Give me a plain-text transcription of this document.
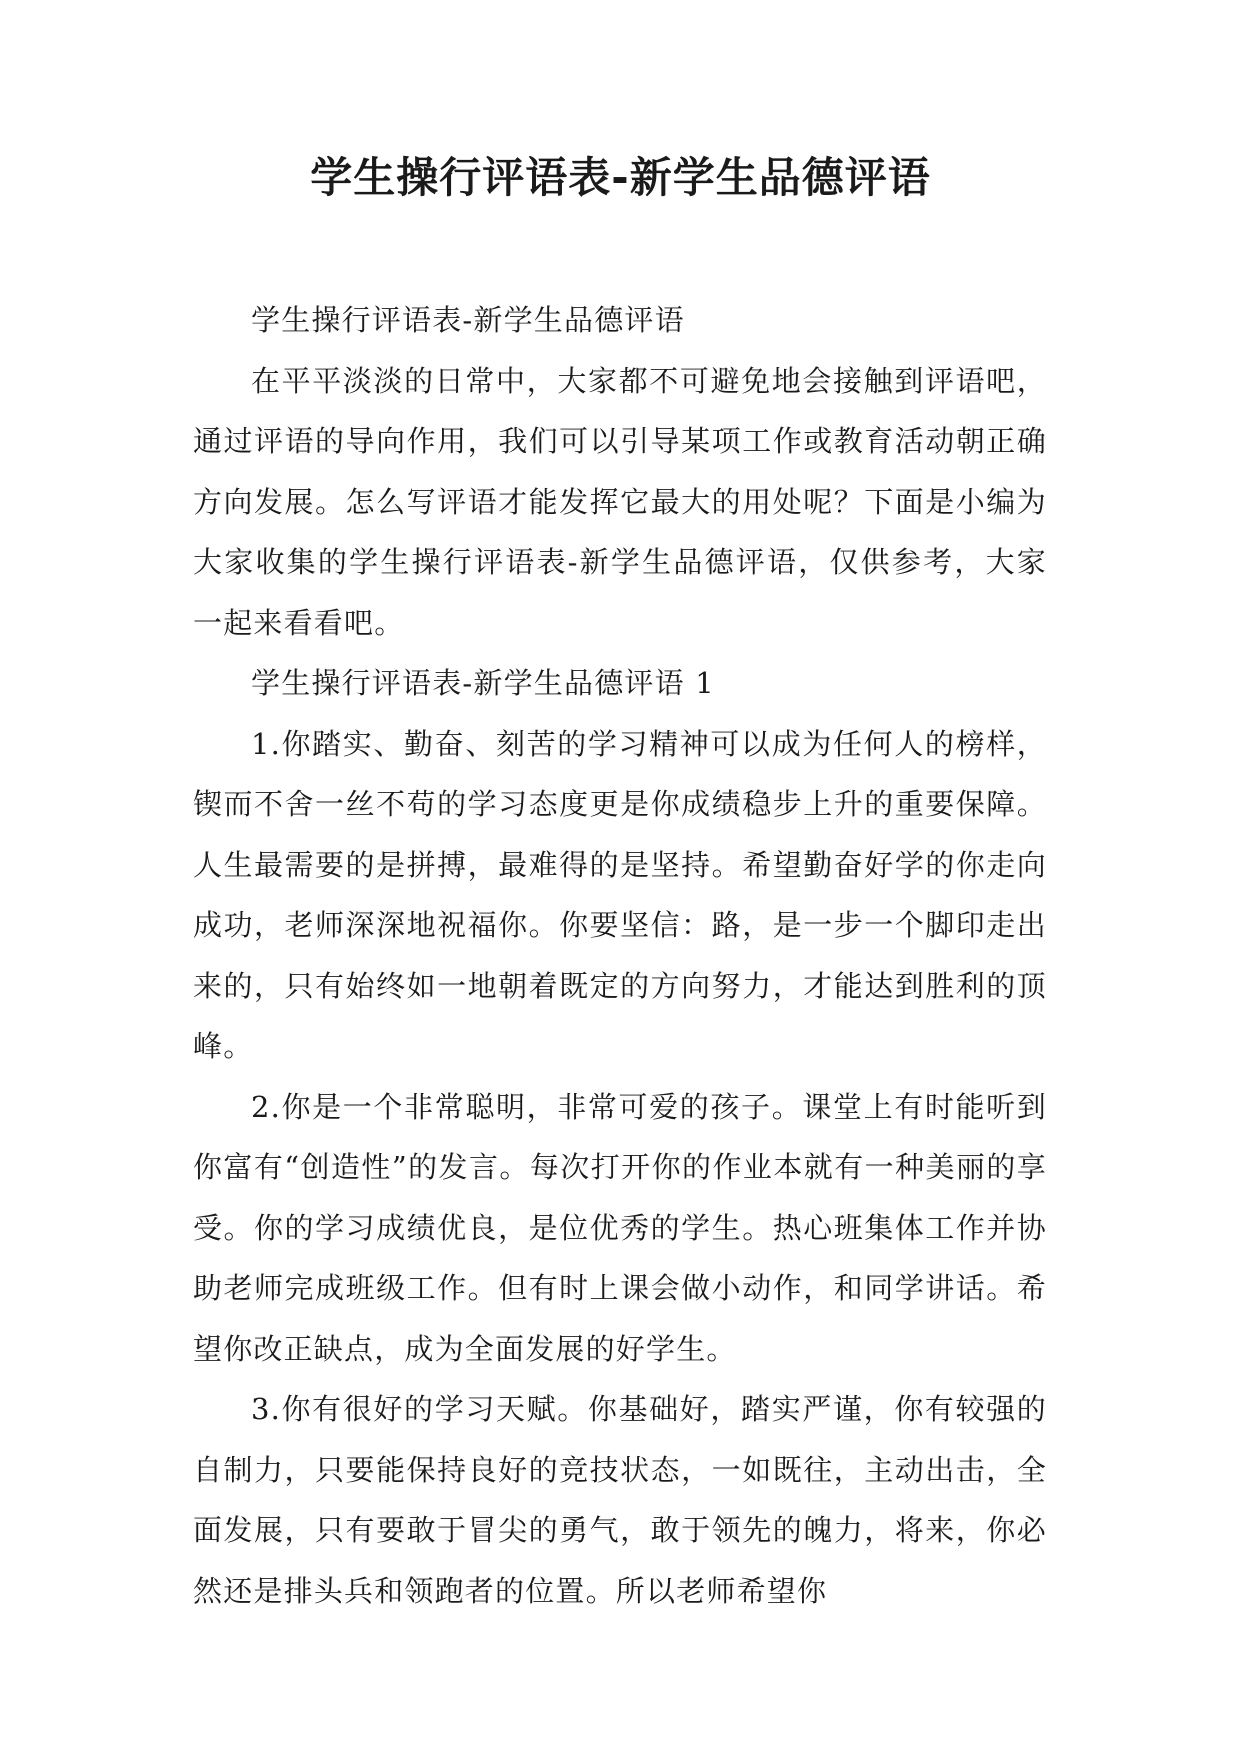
学生操行评语表-新学生品德评语

学生操行评语表-新学生品德评语

在平平淡淡的日常中，大家都不可避免地会接触到评语吧，通过评语的导向作用，我们可以引导某项工作或教育活动朝正确方向发展。怎么写评语才能发挥它最大的用处呢？下面是小编为大家收集的学生操行评语表-新学生品德评语，仅供参考，大家一起来看看吧。

学生操行评语表-新学生品德评语 1

1.你踏实、勤奋、刻苦的学习精神可以成为任何人的榜样，锲而不舍一丝不苟的学习态度更是你成绩稳步上升的重要保障。人生最需要的是拼搏，最难得的是坚持。希望勤奋好学的你走向成功，老师深深地祝福你。你要坚信：路，是一步一个脚印走出来的，只有始终如一地朝着既定的方向努力，才能达到胜利的顶峰。

2.你是一个非常聪明，非常可爱的孩子。课堂上有时能听到你富有“创造性”的发言。每次打开你的作业本就有一种美丽的享受。你的学习成绩优良，是位优秀的学生。热心班集体工作并协助老师完成班级工作。但有时上课会做小动作，和同学讲话。希望你改正缺点，成为全面发展的好学生。

3.你有很好的学习天赋。你基础好，踏实严谨，你有较强的自制力，只要能保持良好的竞技状态，一如既往，主动出击，全面发展，只有要敢于冒尖的勇气，敢于领先的魄力，将来，你必然还是排头兵和领跑者的位置。所以老师希望你
